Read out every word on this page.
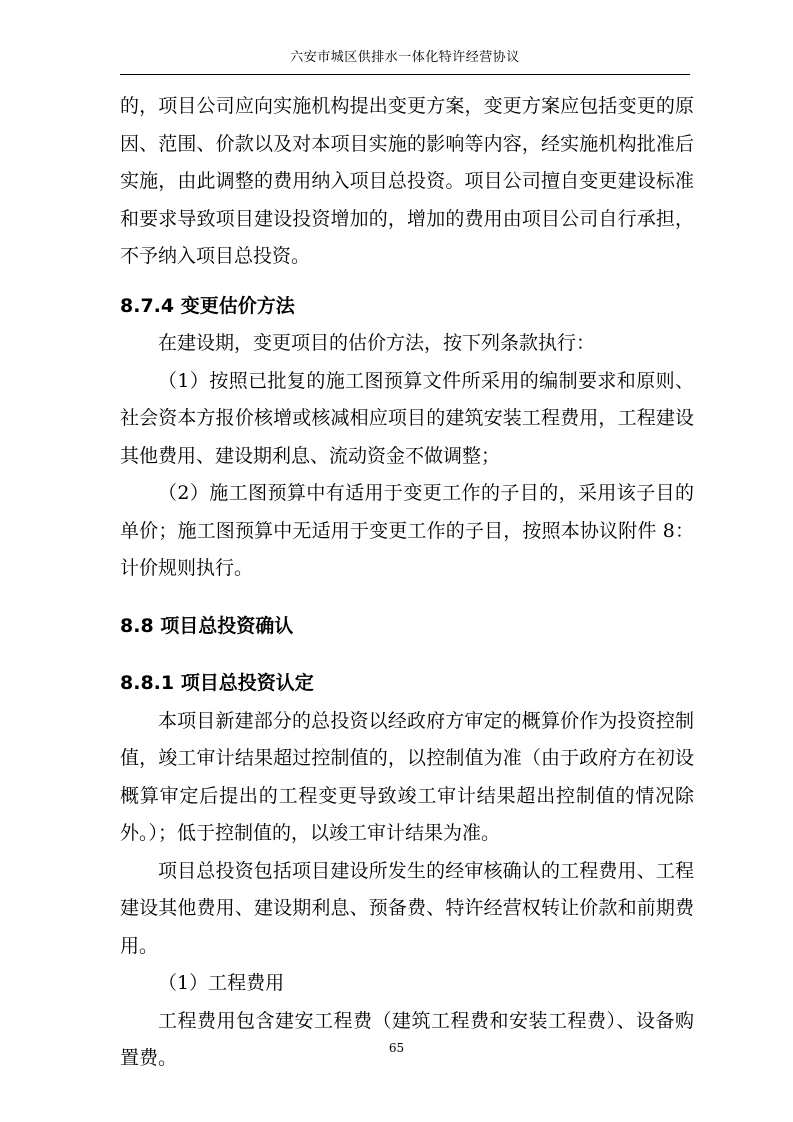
六安市城区供排水一体化特许经营协议

的，项目公司应向实施机构提出变更方案，变更方案应包括变更的原因、范围、价款以及对本项目实施的影响等内容，经实施机构批准后实施，由此调整的费用纳入项目总投资。项目公司擅自变更建设标准和要求导致项目建设投资增加的，增加的费用由项目公司自行承担，不予纳入项目总投资。

8.7.4 变更估价方法

在建设期，变更项目的估价方法，按下列条款执行：

（1）按照已批复的施工图预算文件所采用的编制要求和原则、社会资本方报价核增或核减相应项目的建筑安装工程费用，工程建设其他费用、建设期利息、流动资金不做调整；

（2）施工图预算中有适用于变更工作的子目的，采用该子目的单价；施工图预算中无适用于变更工作的子目，按照本协议附件 8：计价规则执行。

8.8 项目总投资确认
8.8.1 项目总投资认定

本项目新建部分的总投资以经政府方审定的概算价作为投资控制值，竣工审计结果超过控制值的，以控制值为准（由于政府方在初设概算审定后提出的工程变更导致竣工审计结果超出控制值的情况除外。）；低于控制值的，以竣工审计结果为准。

项目总投资包括项目建设所发生的经审核确认的工程费用、工程建设其他费用、建设期利息、预备费、特许经营权转让价款和前期费用。

（1）工程费用

工程费用包含建安工程费（建筑工程费和安装工程费）、设备购置费。	65
